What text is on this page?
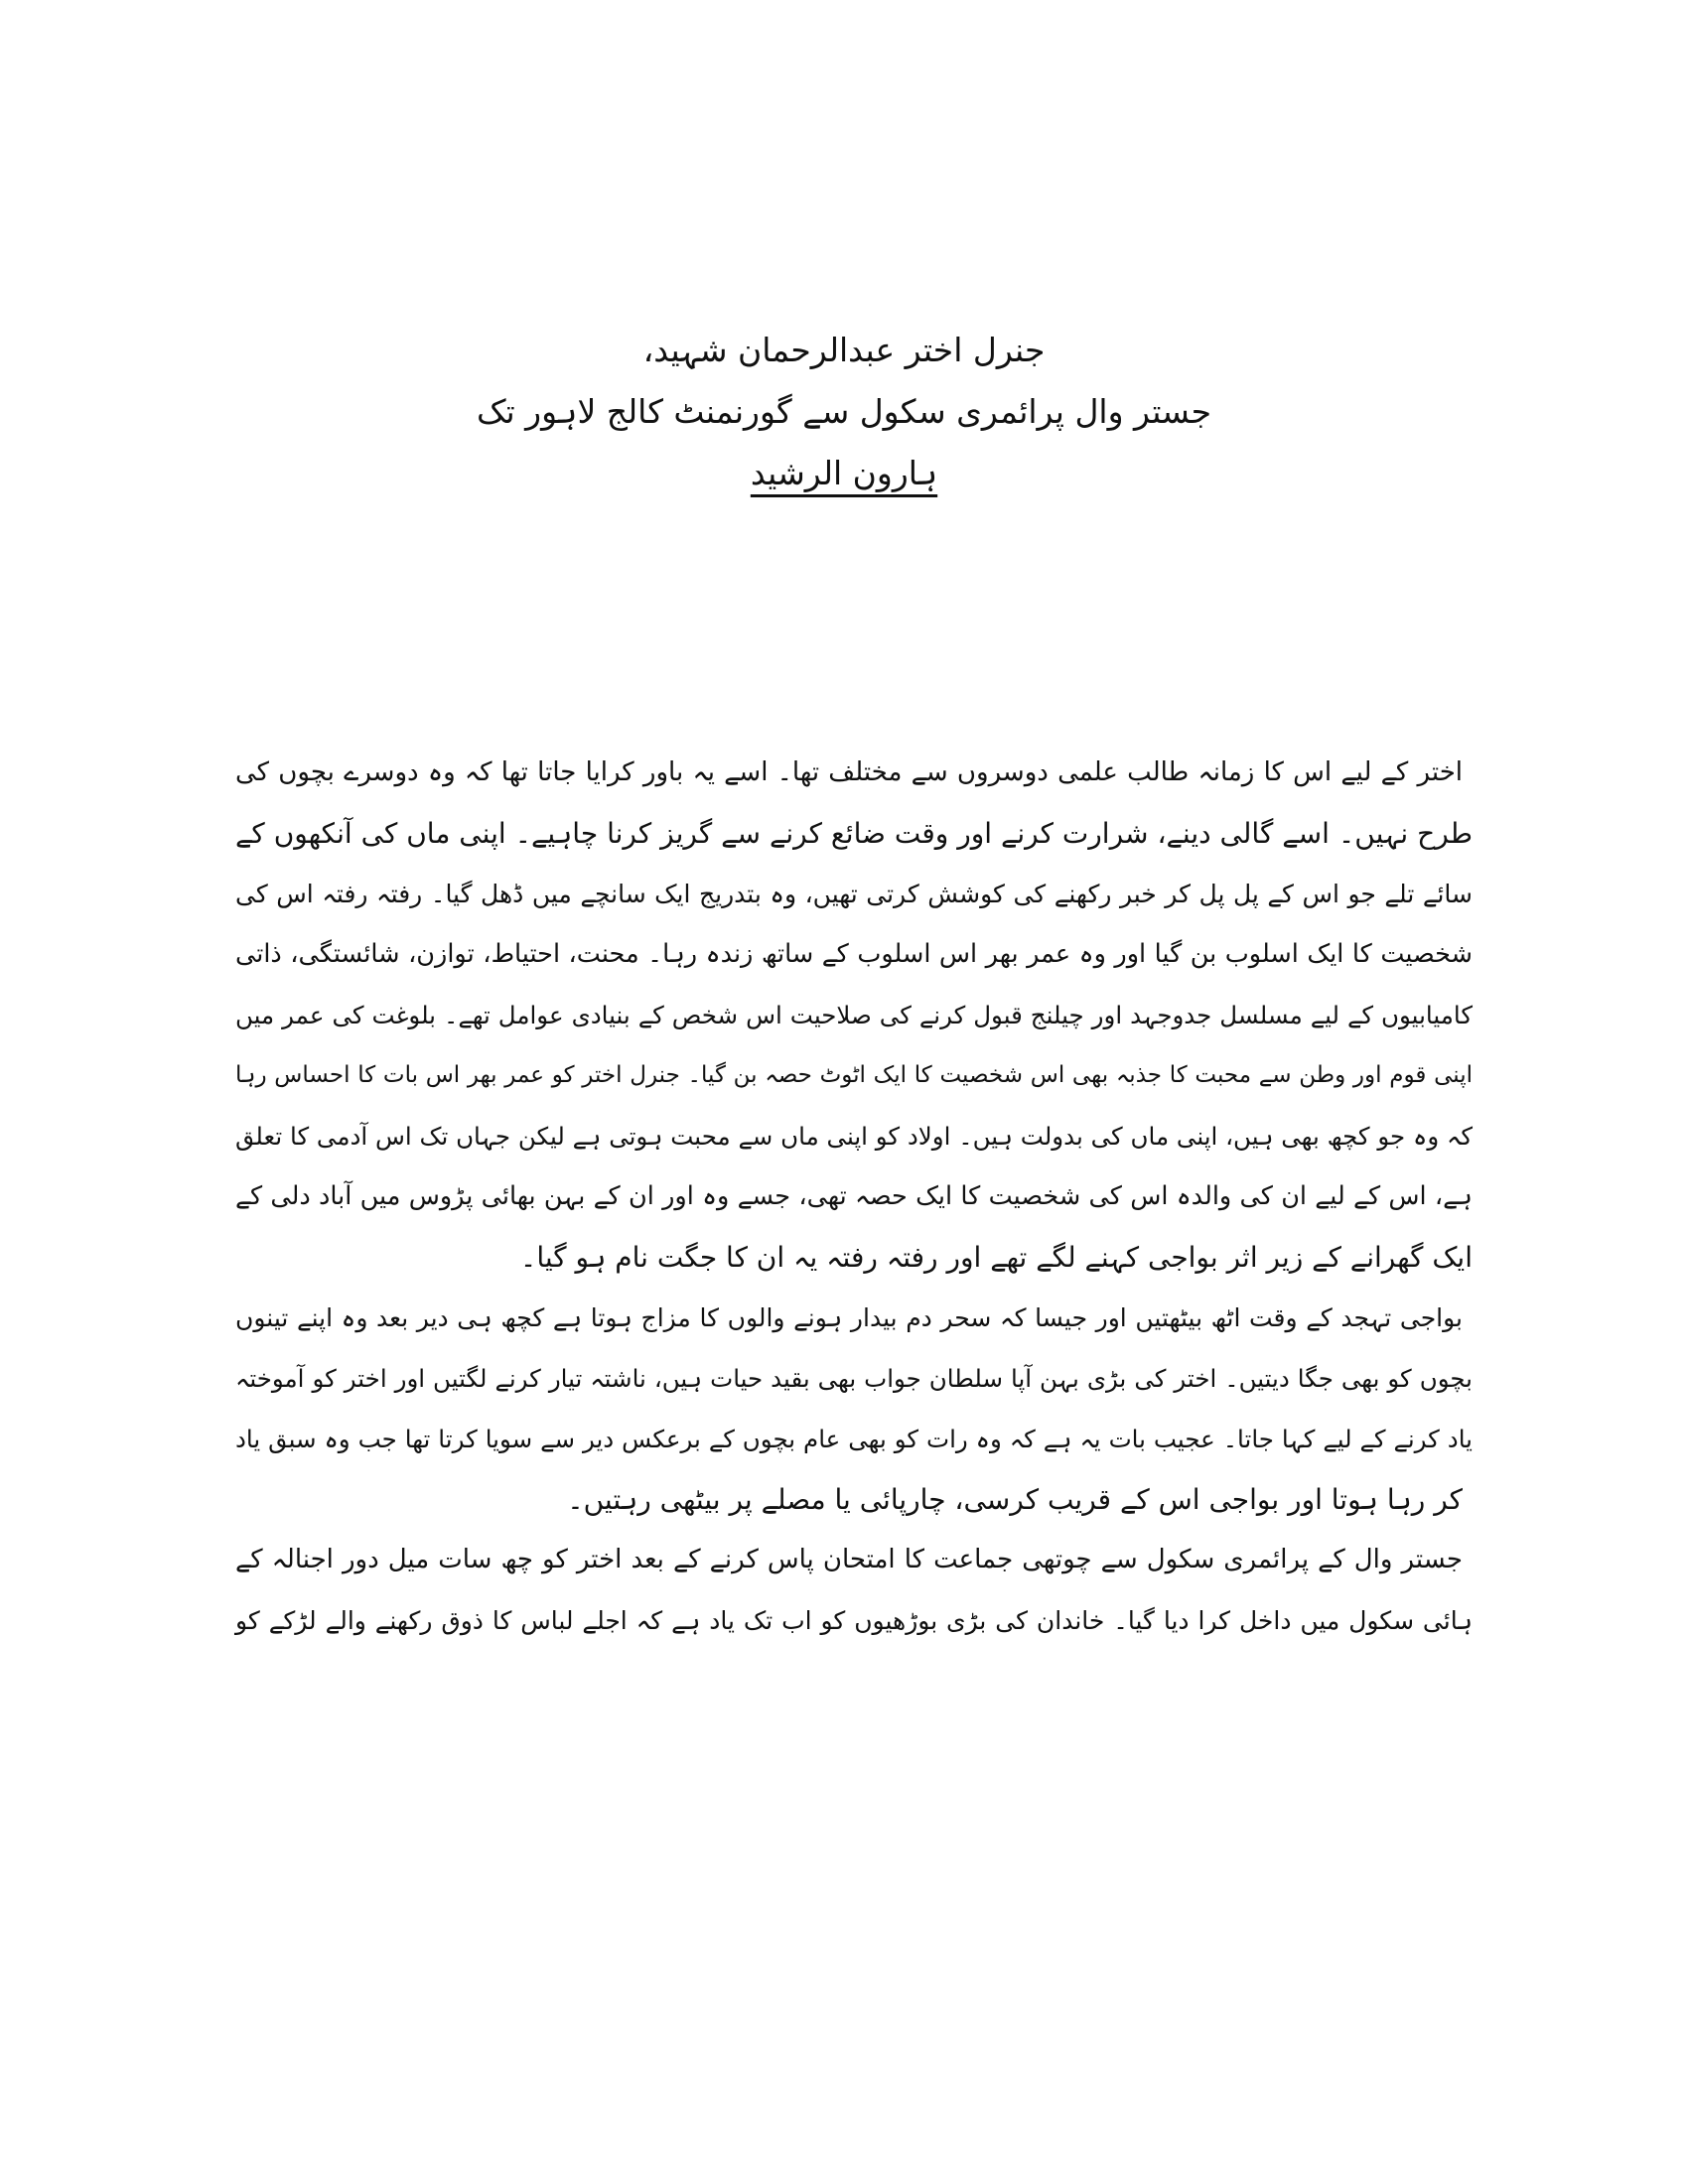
جنرل اختر عبدالرحمان شہید،
جستر وال پرائمری سکول سے گورنمنٹ کالج لاہور تک
ہارون الرشید
اختر کے لیے اس کا زمانہ طالب علمی دوسروں سے مختلف تھا۔ اسے یہ باور کرایا جاتا تھا کہ وہ دوسرے بچوں کی
طرح نہیں۔ اسے گالی دینے، شرارت کرنے اور وقت ضائع کرنے سے گریز کرنا چاہیے۔ اپنی ماں کی آنکھوں کے
سائے تلے جو اس کے پل پل کر خبر رکھنے کی کوشش کرتی تھیں، وہ بتدریج ایک سانچے میں ڈھل گیا۔ رفتہ رفتہ اس کی
شخصیت کا ایک اسلوب بن گیا اور وہ عمر بھر اس اسلوب کے ساتھ زندہ رہا۔ محنت، احتیاط، توازن، شائستگی، ذاتی
کامیابیوں کے لیے مسلسل جدوجہد اور چیلنج قبول کرنے کی صلاحیت اس شخص کے بنیادی عوامل تھے۔ بلوغت کی عمر میں
اپنی قوم اور وطن سے محبت کا جذبہ بھی اس شخصیت کا ایک اٹوٹ حصہ بن گیا۔ جنرل اختر کو عمر بھر اس بات کا احساس رہا
کہ وہ جو کچھ بھی ہیں، اپنی ماں کی بدولت ہیں۔ اولاد کو اپنی ماں سے محبت ہوتی ہے لیکن جہاں تک اس آدمی کا تعلق
ہے، اس کے لیے ان کی والدہ اس کی شخصیت کا ایک حصہ تھی، جسے وہ اور ان کے بہن بھائی پڑوس میں آباد دلی کے
ایک گھرانے کے زیر اثر بواجی کہنے لگے تھے اور رفتہ رفتہ یہ ان کا جگت نام ہو گیا۔
بواجی تہجد کے وقت اٹھ بیٹھتیں اور جیسا کہ سحر دم بیدار ہونے والوں کا مزاج ہوتا ہے کچھ ہی دیر بعد وہ اپنے تینوں
بچوں کو بھی جگا دیتیں۔ اختر کی بڑی بہن آپا سلطان جواب بھی بقید حیات ہیں، ناشتہ تیار کرنے لگتیں اور اختر کو آموختہ
یاد کرنے کے لیے کہا جاتا۔ عجیب بات یہ ہے کہ وہ رات کو بھی عام بچوں کے برعکس دیر سے سویا کرتا تھا جب وہ سبق یاد
کر رہا ہوتا اور بواجی اس کے قریب کرسی، چارپائی یا مصلے پر بیٹھی رہتیں۔
جستر وال کے پرائمری سکول سے چوتھی جماعت کا امتحان پاس کرنے کے بعد اختر کو چھ سات میل دور اجنالہ کے
ہائی سکول میں داخل کرا دیا گیا۔ خاندان کی بڑی بوڑھیوں کو اب تک یاد ہے کہ اجلے لباس کا ذوق رکھنے والے لڑکے کو
